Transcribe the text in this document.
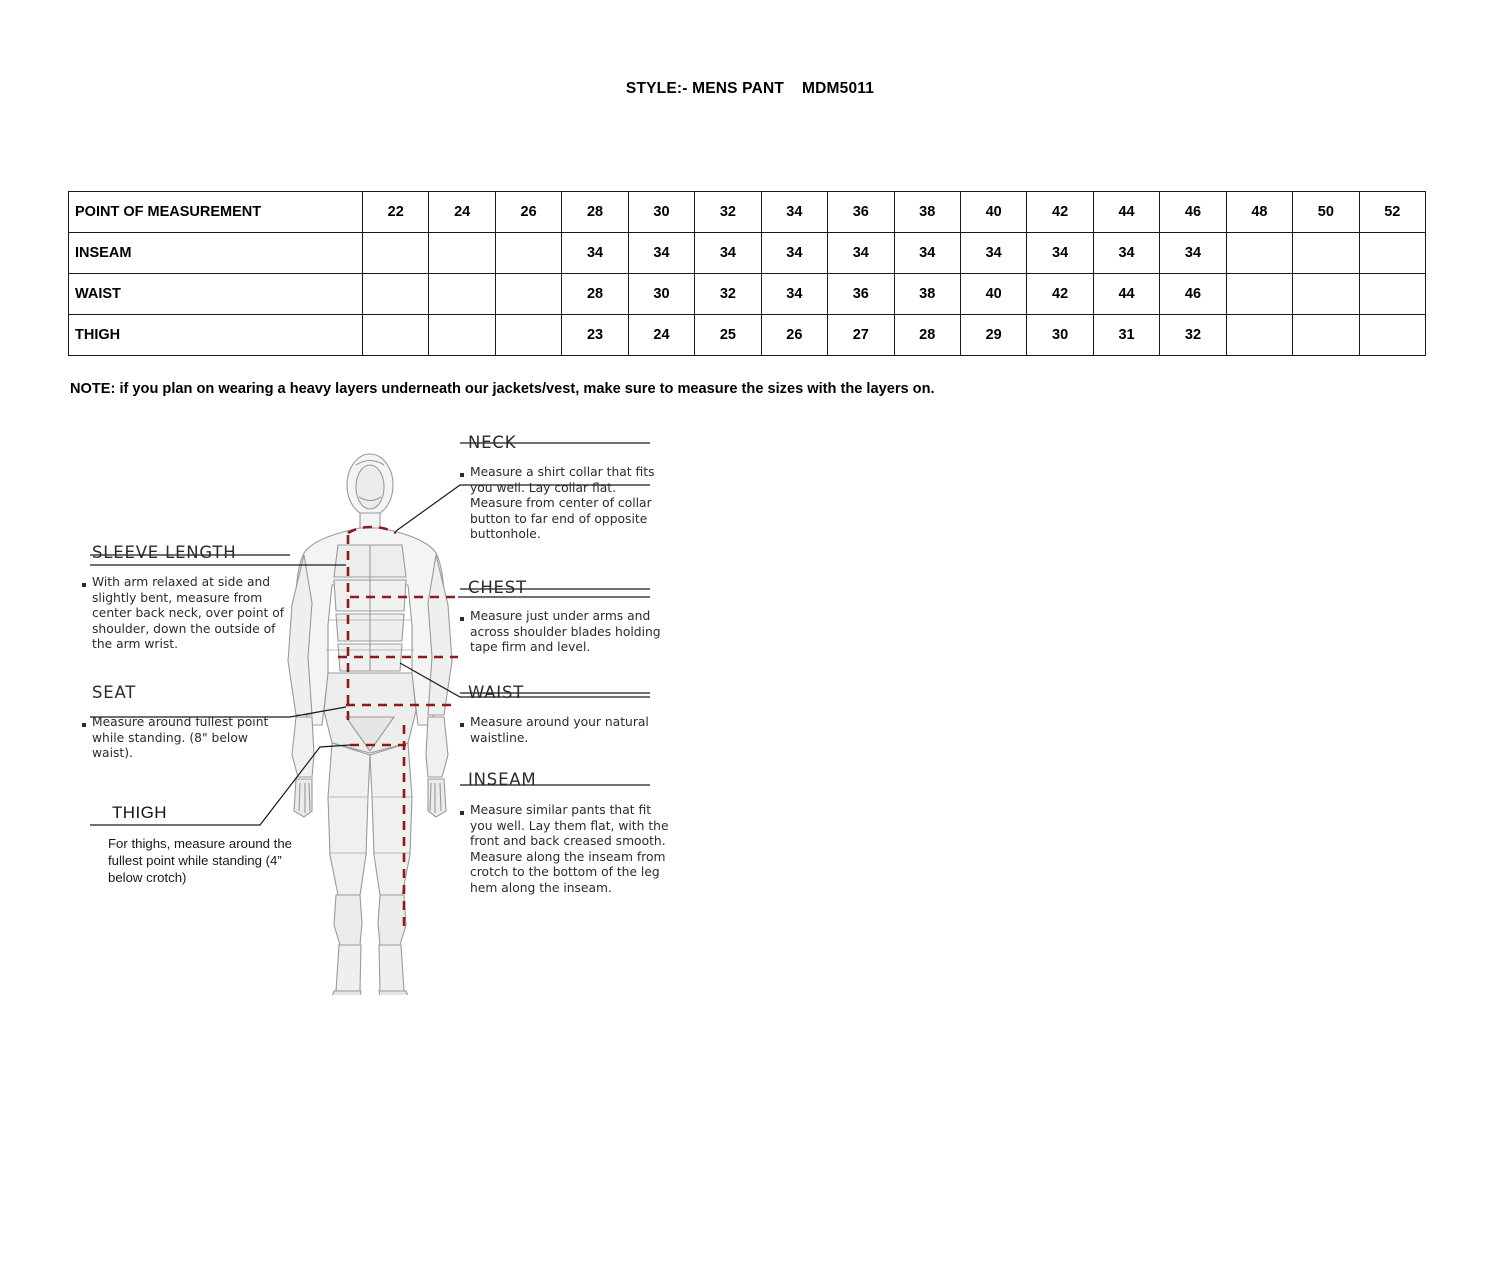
STYLE:- MENS PANT    MDM5011
POINT OF MEASUREMENT	22	24	26	28	30	32	34	36	38	40	42	44	46	48	50	52
INSEAM				34	34	34	34	34	34	34	34	34	34			
WAIST				28	30	32	34	36	38	40	42	44	46			
THIGH				23	24	25	26	27	28	29	30	31	32			
NOTE: if you plan on wearing a heavy layers underneath our jackets/vest, make sure to measure the sizes with the layers on.
NECK
Measure a shirt collar that fits you well. Lay collar flat. Measure from center of collar button to far end of opposite buttonhole.
CHEST
Measure just under arms and across shoulder blades holding tape firm and level.
WAIST
Measure around your natural waistline.
INSEAM
Measure similar pants that fit you well. Lay them flat, with the front and back creased smooth. Measure along the inseam from crotch to the bottom of the leg hem along the inseam.
SLEEVE LENGTH
With arm relaxed at side and slightly bent, measure from center back neck, over point of shoulder, down the outside of the arm wrist.
SEAT
Measure around fullest point while standing. (8" below waist).
THIGH
For thighs, measure around the fullest point while standing (4” below crotch)
